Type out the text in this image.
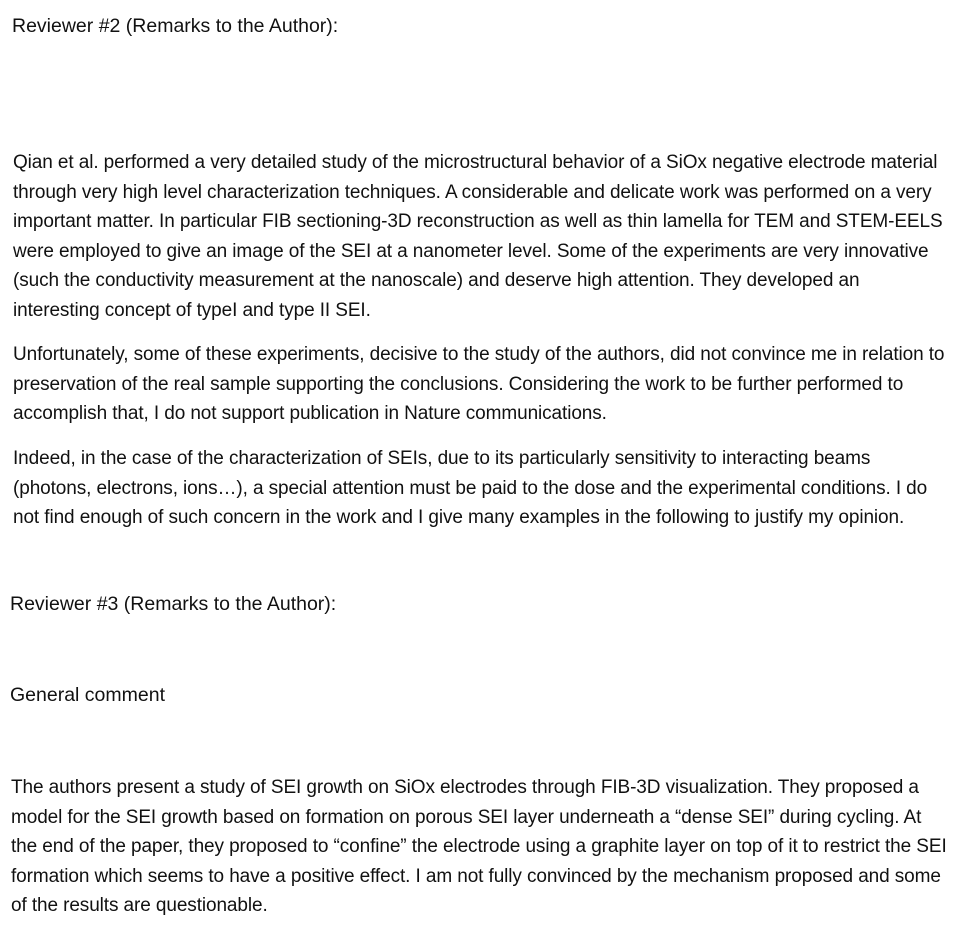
Reviewer #2 (Remarks to the Author):

Qian et al. performed a very detailed study of the microstructural behavior of a SiOx negative electrode material through very high level characterization techniques. A considerable and delicate work was performed on a very important matter. In particular FIB sectioning-3D reconstruction as well as thin lamella for TEM and STEM-EELS were employed to give an image of the SEI at a nanometer level. Some of the experiments are very innovative (such the conductivity measurement at the nanoscale) and deserve high attention. They developed an interesting concept of typeI and type II SEI.

Unfortunately, some of these experiments, decisive to the study of the authors, did not convince me in relation to preservation of the real sample supporting the conclusions. Considering the work to be further performed to accomplish that, I do not support publication in Nature communications.

Indeed, in the case of the characterization of SEIs, due to its particularly sensitivity to interacting beams (photons, electrons, ions…), a special attention must be paid to the dose and the experimental conditions. I do not find enough of such concern in the work and I give many examples in the following to justify my opinion.

Reviewer #3 (Remarks to the Author):
General comment

The authors present a study of SEI growth on SiOx electrodes through FIB-3D visualization. They proposed a model for the SEI growth based on formation on porous SEI layer underneath a “dense SEI” during cycling. At the end of the paper, they proposed to “confine” the electrode using a graphite layer on top of it to restrict the SEI formation which seems to have a positive effect. I am not fully convinced by the mechanism proposed and some of the results are questionable.
